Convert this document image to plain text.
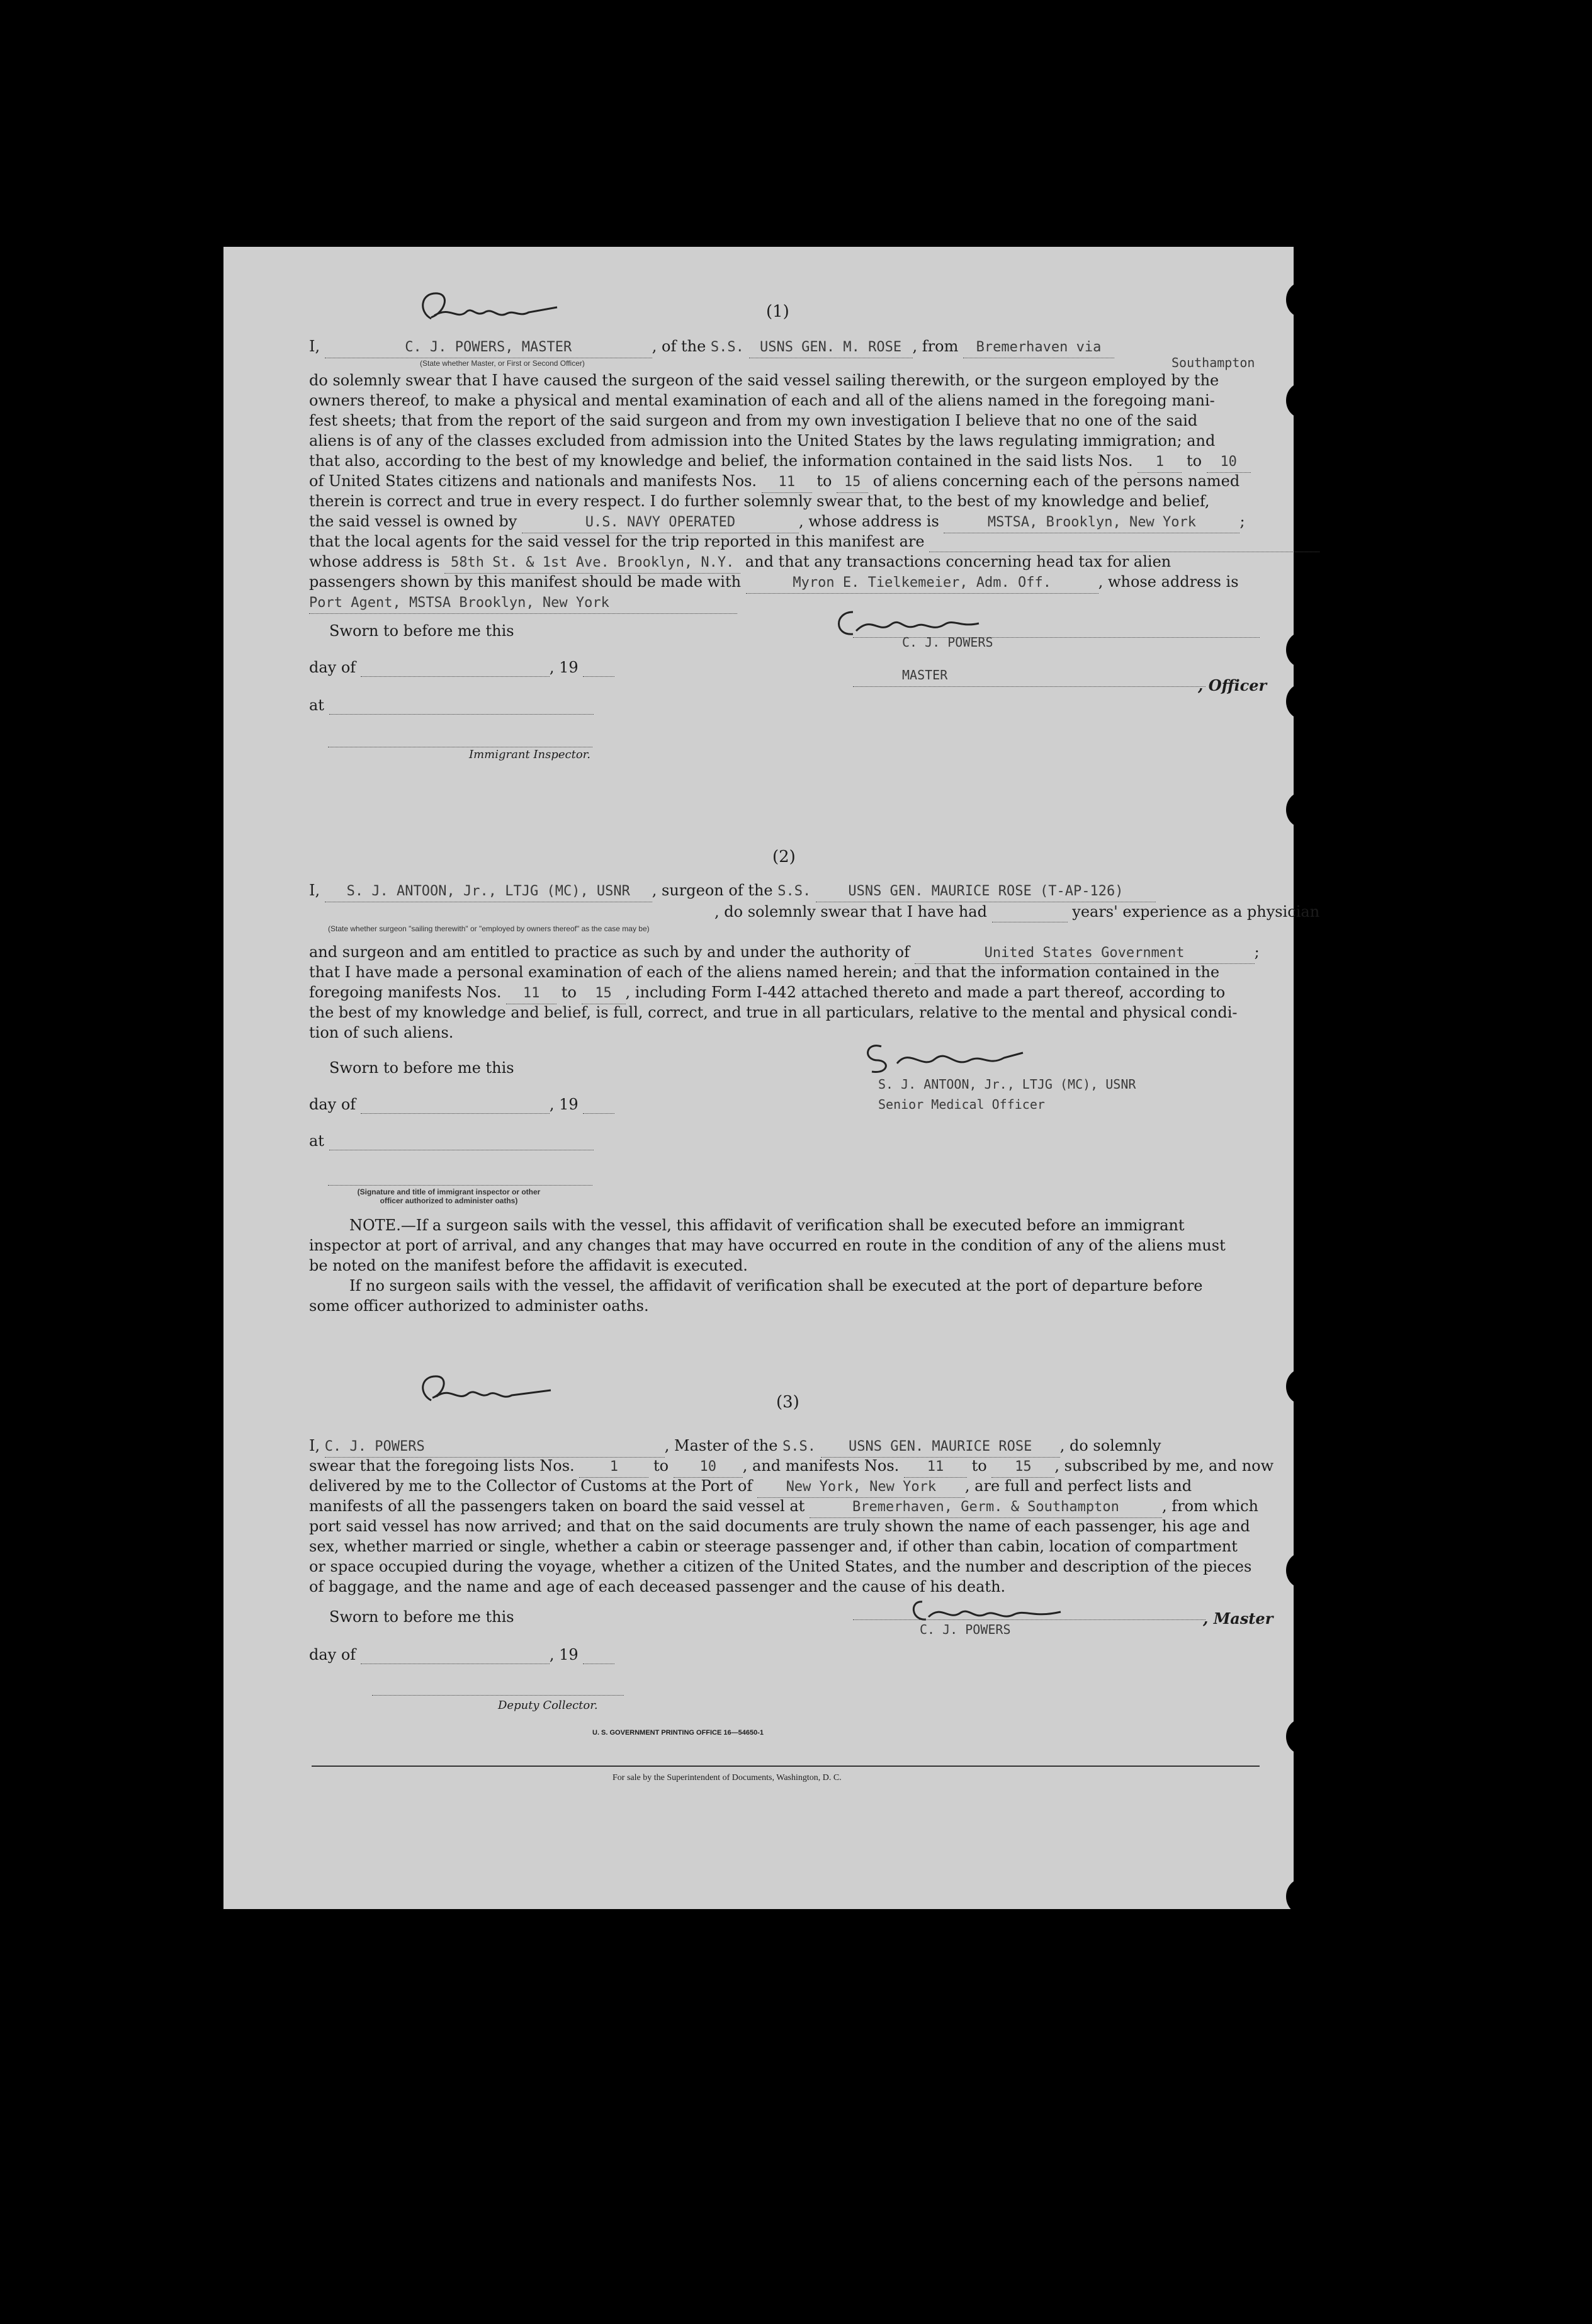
(1)
I,	C. J. POWERS, MASTER	, of the S.S. USNS GEN. M. ROSE , from Bremerhaven via
(State whether Master, or First or Second Officer)	Southampton
do solemnly swear that I have caused the surgeon of the said vessel sailing therewith, or the surgeon employed by the
owners thereof, to make a physical and mental examination of each and all of the aliens named in the foregoing mani-
fest sheets; that from the report of the said surgeon and from my own investigation I believe that no one of the said
aliens is of any of the classes excluded from admission into the United States by the laws regulating immigration; and
that also, according to the best of my knowledge and belief, the information contained in the said lists Nos. 1 to 10
of United States citizens and nationals and manifests Nos. 11 to 15 of aliens concerning each of the persons named
therein is correct and true in every respect. I do further solemnly swear that, to the best of my knowledge and belief,
the said vessel is owned by	U.S. NAVY OPERATED	, whose address is	MSTSA, Brooklyn, New York	;
that the local agents for the said vessel for the trip reported in this manifest are
whose address is 58th St. & 1st Ave. Brooklyn, N.Y. and that any transactions concerning head tax for alien
passengers shown by this manifest should be made with	Myron E. Tielkemeier, Adm. Off.	, whose address is
Port Agent, MSTSA Brooklyn, New York
Sworn to before me this
day of	, 19
at
Immigrant Inspector.
C. J. POWERS
MASTER
, Officer
(2)
I, S. J. ANTOON, Jr., LTJG (MC), USNR , surgeon of the S.S.	USNS GEN. MAURICE ROSE (T-AP-126)
(State whether surgeon "sailing therewith" or "employed by owners thereof" as the case may be)
, do solemnly swear that I have had	years' experience as a physician
and surgeon and am entitled to practice as such by and under the authority of	United States Government	;
that I have made a personal examination of each of the aliens named herein; and that the information contained in the
foregoing manifests Nos. 11 to 15 , including Form I-442 attached thereto and made a part thereof, according to
the best of my knowledge and belief, is full, correct, and true in all particulars, relative to the mental and physical condi-
tion of such aliens.
Sworn to before me this
day of	, 19
at
(Signature and title of immigrant inspector or other officer authorized to administer oaths)
S. J. ANTOON, Jr., LTJG (MC), USNR
Senior Medical Officer
NOTE.—If a surgeon sails with the vessel, this affidavit of verification shall be executed before an immigrant
inspector at port of arrival, and any changes that may have occurred en route in the condition of any of the aliens must
be noted on the manifest before the affidavit is executed.
If no surgeon sails with the vessel, the affidavit of verification shall be executed at the port of departure before
some officer authorized to administer oaths.
(3)
I, C. J. POWERS	, Master of the S.S. USNS GEN. MAURICE ROSE , do solemnly
swear that the foregoing lists Nos.	1 to 10 , and manifests Nos. 11 to 15 , subscribed by me, and now
delivered by me to the Collector of Customs at the Port of New York, New York , are full and perfect lists and
manifests of all the passengers taken on board the said vessel at	Bremerhaven, Germ. & Southampton	, from which
port said vessel has now arrived; and that on the said documents are truly shown the name of each passenger, his age and
sex, whether married or single, whether a cabin or steerage passenger and, if other than cabin, location of compartment
or space occupied during the voyage, whether a citizen of the United States, and the number and description of the pieces
of baggage, and the name and age of each deceased passenger and the cause of his death.
Sworn to before me this
day of	, 19
Deputy Collector.
C. J. POWERS
, Master
U. S. GOVERNMENT PRINTING OFFICE 16—54650-1
For sale by the Superintendent of Documents, Washington, D. C.
